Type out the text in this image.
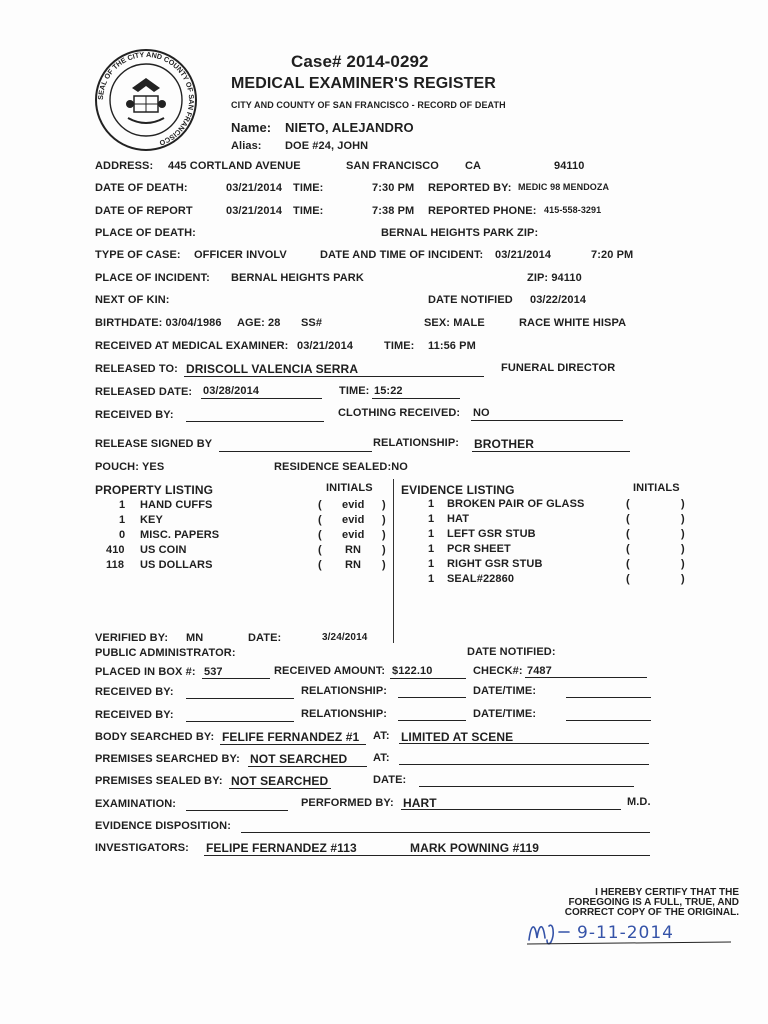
SEAL OF THE CITY AND COUNTY OF SAN FRANCISCO
Case# 2014-0292
MEDICAL EXAMINER'S REGISTER
CITY AND COUNTY OF SAN FRANCISCO - RECORD OF DEATH
Name: NIETO, ALEJANDRO
Alias: DOE #24, JOHN
ADDRESS: 445 CORTLAND AVENUE	SAN FRANCISCO CA	94110
DATE OF DEATH:	03/21/2014 TIME:	7:30 PM REPORTED BY: MEDIC 98 MENDOZA
DATE OF REPORT	03/21/2014 TIME:	7:38 PM REPORTED PHONE: 415-558-3291
PLACE OF DEATH:	BERNAL HEIGHTS PARK ZIP:
TYPE OF CASE: OFFICER INVOLV	DATE AND TIME OF INCIDENT: 03/21/2014	7:20 PM
PLACE OF INCIDENT: BERNAL HEIGHTS PARK	ZIP: 94110
NEXT OF KIN:	DATE NOTIFIED 03/22/2014
BIRTHDATE: 03/04/1986 AGE: 28 SS#	SEX: MALE	RACE WHITE HISPA
RECEIVED AT MEDICAL EXAMINER: 03/21/2014	TIME: 11:56 PM
RELEASED TO: DRISCOLL VALENCIA SERRA	FUNERAL DIRECTOR
RELEASED DATE: 03/28/2014	TIME: 15:22
RECEIVED BY:	CLOTHING RECEIVED: NO
RELEASE SIGNED BY	RELATIONSHIP: BROTHER
POUCH: YES	RESIDENCE SEALED:NO
PROPERTY LISTING	INITIALS
1 HAND CUFFS	( evid )
1 KEY	( evid )
0 MISC. PAPERS	( evid )
410 US COIN	( RN )
118 US DOLLARS	( RN )
EVIDENCE LISTING	INITIALS
1 BROKEN PAIR OF GLASS	(	)
1 HAT	(	)
1 LEFT GSR STUB	(	)
1 PCR SHEET	(	)
1 RIGHT GSR STUB	(	)
1 SEAL#22860	(	)
VERIFIED BY: MN	DATE:	3/24/2014
PUBLIC ADMINISTRATOR:	DATE NOTIFIED:
PLACED IN BOX #: 537	RECEIVED AMOUNT: $122.10	CHECK#: 7487
RECEIVED BY:	RELATIONSHIP:	DATE/TIME:
RECEIVED BY:	RELATIONSHIP:	DATE/TIME:
BODY SEARCHED BY: FELIFE FERNANDEZ #1 AT: LIMITED AT SCENE
PREMISES SEARCHED BY: NOT SEARCHED AT:
PREMISES SEALED BY: NOT SEARCHED	DATE:
EXAMINATION:	PERFORMED BY: HART	M.D.
EVIDENCE DISPOSITION:
INVESTIGATORS: FELIPE FERNANDEZ #113	MARK POWNING #119
I HEREBY CERTIFY THAT THE FOREGOING IS A FULL, TRUE, AND CORRECT COPY OF THE ORIGINAL.
9-11-2014
